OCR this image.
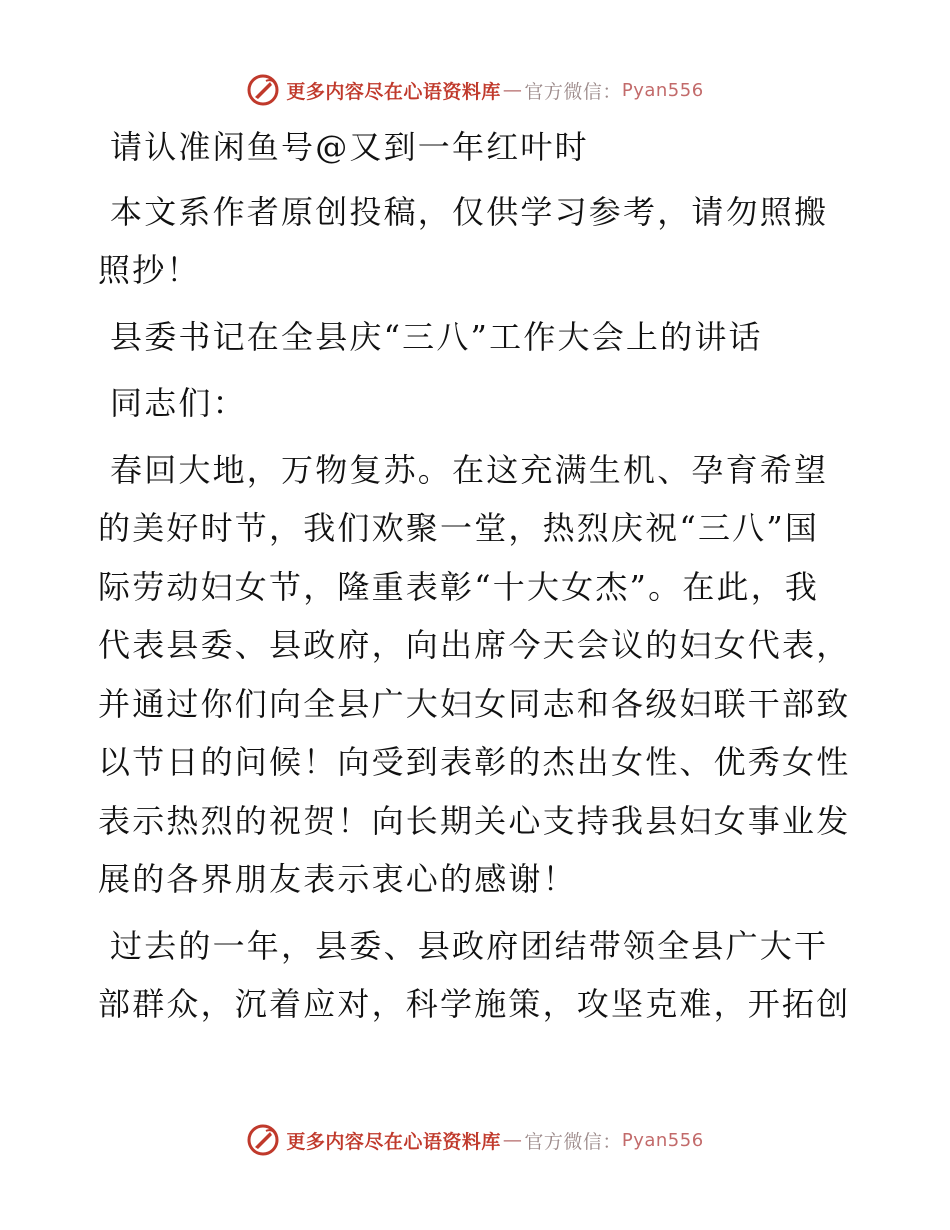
更多内容尽在心语资料库 — 官方微信： Pyan556

请认准闲鱼号@又到一年红叶时

本文系作者原创投稿，仅供学习参考，请勿照搬照抄！

县委书记在全县庆“三八”工作大会上的讲话

同志们：

春回大地，万物复苏。在这充满生机、孕育希望的美好时节，我们欢聚一堂，热烈庆祝“三八”国际劳动妇女节，隆重表彰“十大女杰”。在此，我代表县委、县政府，向出席今天会议的妇女代表，并通过你们向全县广大妇女同志和各级妇联干部致以节日的问候！向受到表彰的杰出女性、优秀女性表示热烈的祝贺！向长期关心支持我县妇女事业发展的各界朋友表示衷心的感谢！

过去的一年，县委、县政府团结带领全县广大干部群众，沉着应对，科学施策，攻坚克难，开拓创

更多内容尽在心语资料库 — 官方微信： Pyan556
